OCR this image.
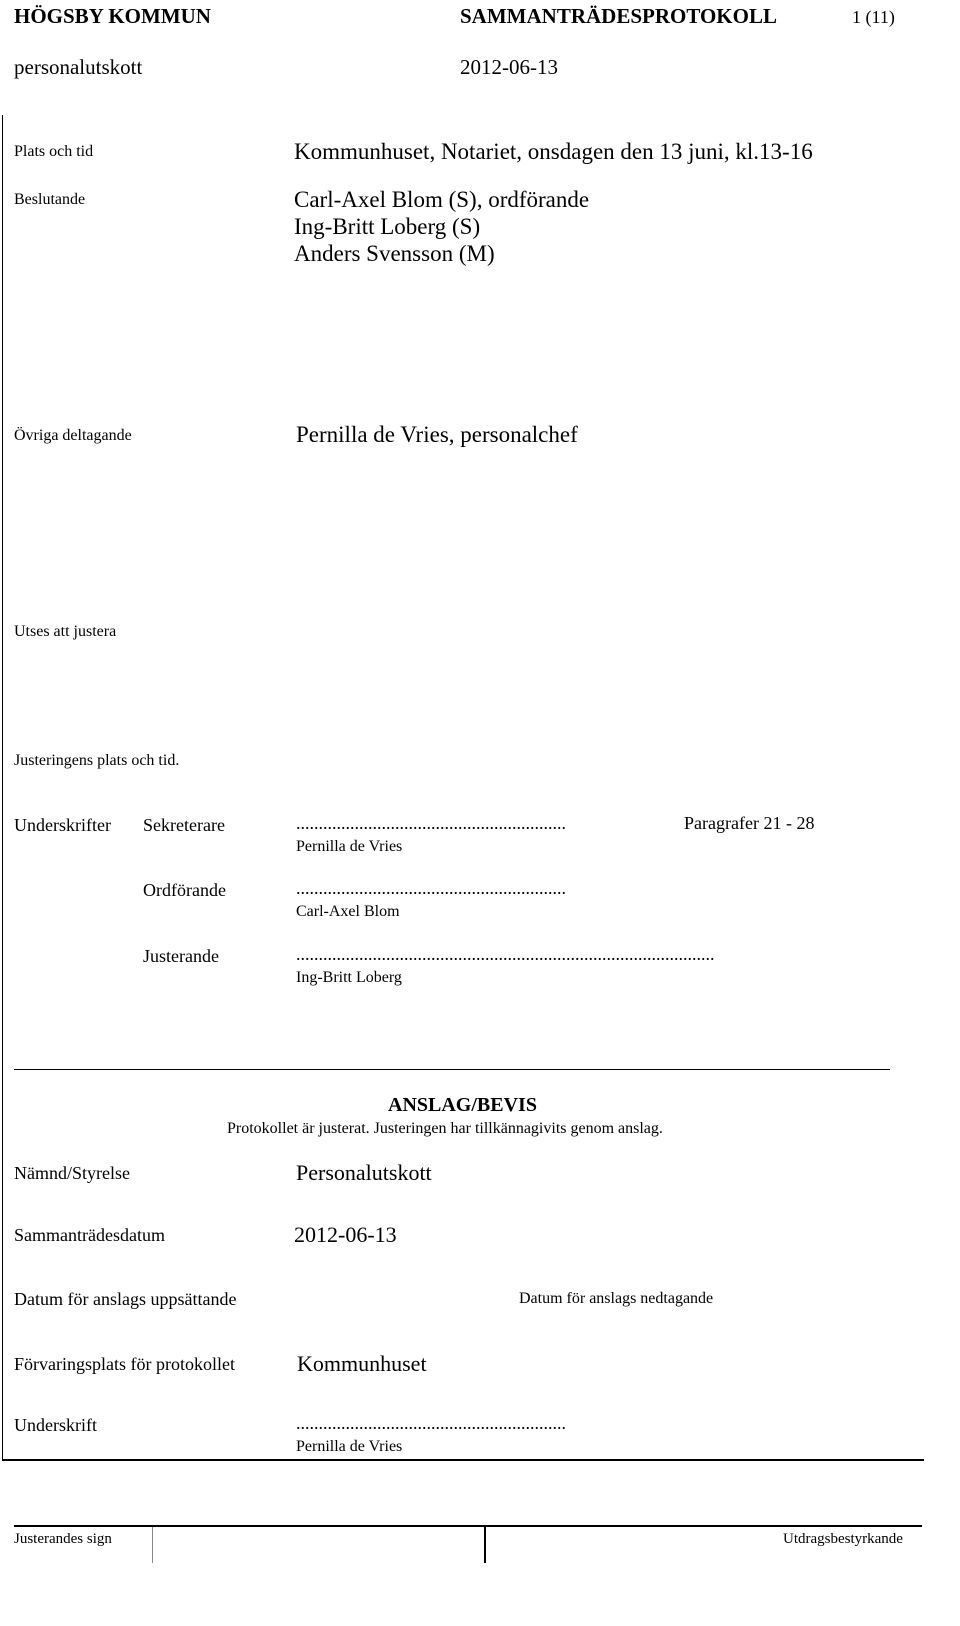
HÖGSBY KOMMUN	SAMMANTRÄDESPROTOKOLL	1 (11)
personalutskott	2012-06-13
Plats och tid	Kommunhuset, Notariet, onsdagen den 13 juni, kl.13-16
Beslutande	Carl-Axel Blom (S), ordförande
Ing-Britt Loberg (S)
Anders Svensson (M)
Övriga deltagande	Pernilla de Vries, personalchef
Utses att justera
Justeringens plats och tid.
Underskrifter Sekreterare	............................................................	Paragrafer 21 - 28
Pernilla de Vries
Ordförande	............................................................
Carl-Axel Blom
Justerande	.............................................................................................
Ing-Britt Loberg
ANSLAG/BEVIS
Protokollet är justerat. Justeringen har tillkännagivits genom anslag.
Nämnd/Styrelse	Personalutskott
Sammanträdesdatum	2012-06-13
Datum för anslags uppsättande	Datum för anslags nedtagande
Förvaringsplats för protokollet	Kommunhuset
Underskrift	............................................................
Pernilla de Vries
Justerandes sign	Utdragsbestyrkande
